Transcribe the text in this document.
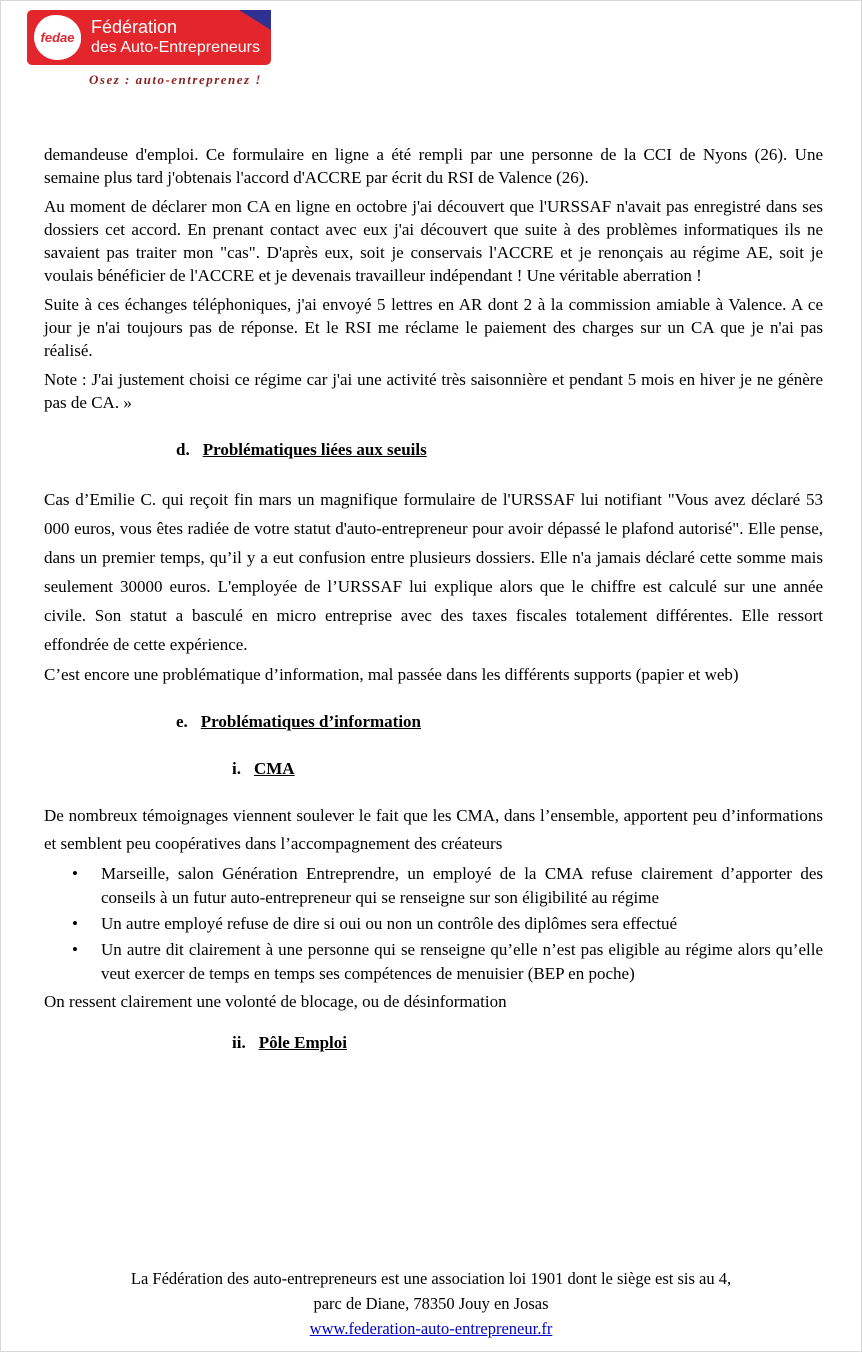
fedae
Fédération
des Auto-Entrepreneurs
Osez : auto-entreprenez !

demandeuse d'emploi. Ce formulaire en ligne a été rempli par une personne de la CCI de Nyons (26). Une semaine plus tard j'obtenais l'accord d'ACCRE par écrit du RSI de Valence (26).

Au moment de déclarer mon CA en ligne en octobre j'ai découvert que l'URSSAF n'avait pas enregistré dans ses dossiers cet accord. En prenant contact avec eux j'ai découvert que suite à des problèmes informatiques ils ne savaient pas traiter mon "cas". D'après eux, soit je conservais l'ACCRE et je renonçais au régime AE, soit je voulais bénéficier de l'ACCRE et je devenais travailleur indépendant ! Une véritable aberration !

Suite à ces échanges téléphoniques, j'ai envoyé 5 lettres en AR dont 2 à la commission amiable à Valence. A ce jour je n'ai toujours pas de réponse. Et le RSI me réclame le paiement des charges sur un CA que je n'ai pas réalisé.

Note : J'ai justement choisi ce régime car j'ai une activité très saisonnière et pendant 5 mois en hiver je ne génère pas de CA. »

d. Problématiques liées aux seuils

Cas d’Emilie C. qui reçoit fin mars un magnifique formulaire de l'URSSAF lui notifiant "Vous avez déclaré 53 000 euros, vous êtes radiée de votre statut d'auto-entrepreneur pour avoir dépassé le plafond autorisé". Elle pense, dans un premier temps, qu’il y a eut confusion entre plusieurs dossiers. Elle n'a jamais déclaré cette somme mais seulement 30000 euros. L'employée de l’URSSAF lui explique alors que le chiffre est calculé sur une année civile. Son statut a basculé en micro entreprise avec des taxes fiscales totalement différentes. Elle ressort effondrée de cette expérience.

C’est encore une problématique d’information, mal passée dans les différents supports (papier et web)

e. Problématiques d’information
i. CMA

De nombreux témoignages viennent soulever le fait que les CMA, dans l’ensemble, apportent peu d’informations et semblent peu coopératives dans l’accompagnement des créateurs

• Marseille, salon Génération Entreprendre, un employé de la CMA refuse clairement d’apporter des conseils à un futur auto-entrepreneur qui se renseigne sur son éligibilité au régime
• Un autre employé refuse de dire si oui ou non un contrôle des diplômes sera effectué
• Un autre dit clairement à une personne qui se renseigne qu’elle n’est pas eligible au régime alors qu’elle veut exercer de temps en temps ses compétences de menuisier (BEP en poche)

On ressent clairement une volonté de blocage, ou de désinformation

ii. Pôle Emploi
La Fédération des auto-entrepreneurs est une association loi 1901 dont le siège est sis au 4,
parc de Diane, 78350 Jouy en Josas
www.federation-auto-entrepreneur.fr
